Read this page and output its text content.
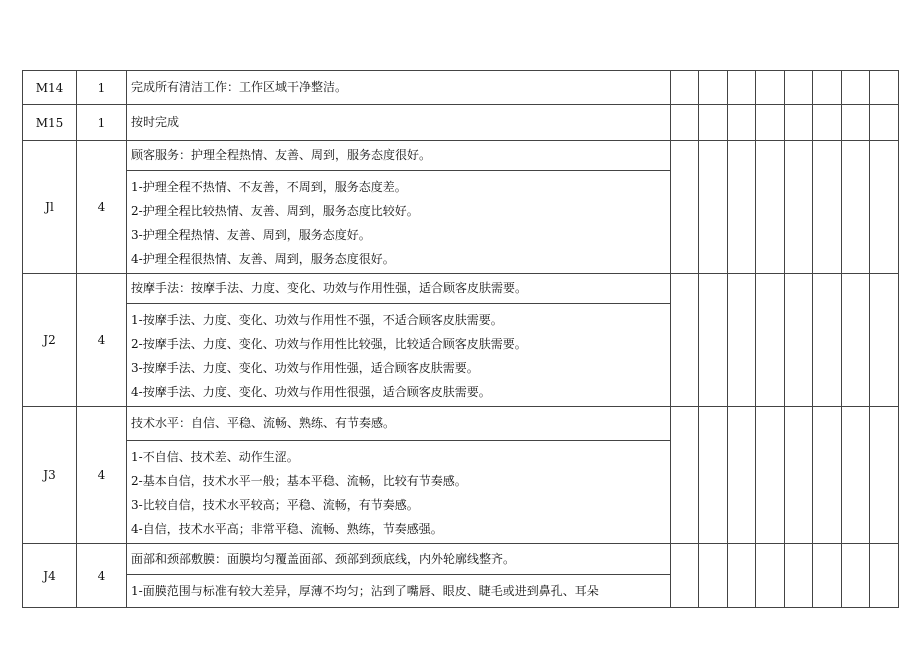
M14	1	完成所有清洁工作：工作区域干净整洁。								
M15	1	按时完成								
Jl	4	顾客服务：护理全程热情、友善、周到，服务态度很好。
1-护理全程不热情、不友善，不周到，服务态度差。
2-护理全程比较热情、友善、周到，服务态度比较好。
3-护理全程热情、友善、周到，服务态度好。
4-护理全程很热情、友善、周到，服务态度很好。								

J2	4	按摩手法：按摩手法、力度、变化、功效与作用性强，适合顾客皮肤需要。
1-按摩手法、力度、变化、功效与作用性不强，不适合顾客皮肤需要。
2-按摩手法、力度、变化、功效与作用性比较强，比较适合顾客皮肤需要。
3-按摩手法、力度、变化、功效与作用性强，适合顾客皮肤需要。
4-按摩手法、力度、变化、功效与作用性很强，适合顾客皮肤需要。								

J3	4	技术水平：自信、平稳、流畅、熟练、有节奏感。
1-不自信、技术差、动作生涩。
2-基本自信，技术水平一般；基本平稳、流畅，比较有节奏感。
3-比较自信，技术水平较高；平稳、流畅，有节奏感。
4-自信，技术水平高；非常平稳、流畅、熟练，节奏感强。								

J4	4	面部和颈部敷膜：面膜均匀覆盖面部、颈部到颈底线，内外轮廓线整齐。
1-面膜范围与标准有较大差异，厚薄不均匀；沾到了嘴唇、眼皮、睫毛或进到鼻孔、耳朵								
